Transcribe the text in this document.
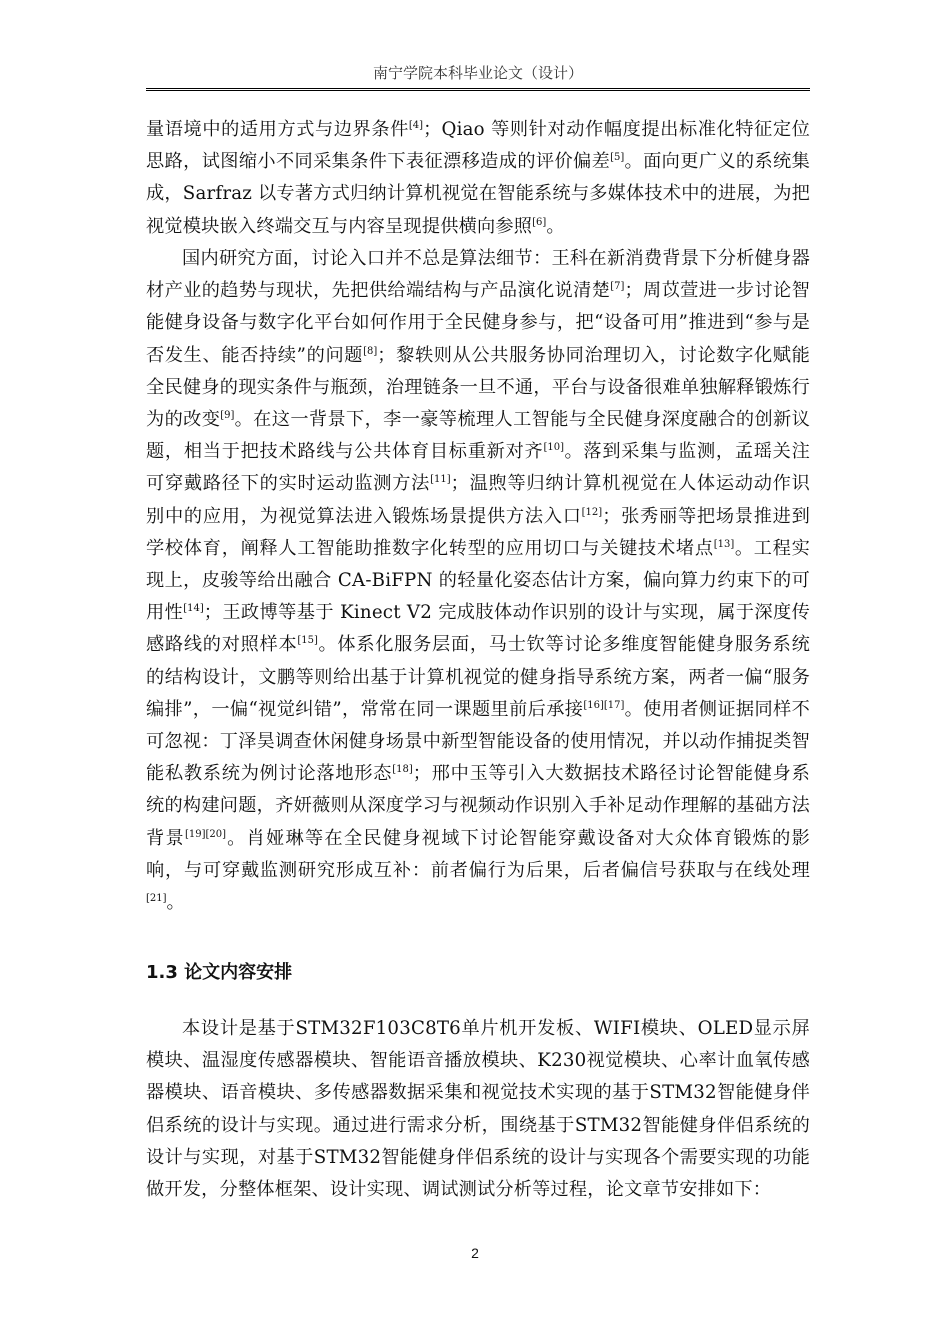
南宁学院本科毕业论文（设计）

量语境中的适用方式与边界条件[4]；Qiao 等则针对动作幅度提出标准化特征定位思路，试图缩小不同采集条件下表征漂移造成的评价偏差[5]。面向更广义的系统集成，Sarfraz 以专著方式归纳计算机视觉在智能系统与多媒体技术中的进展，为把视觉模块嵌入终端交互与内容呈现提供横向参照[6]。

国内研究方面，讨论入口并不总是算法细节：王科在新消费背景下分析健身器材产业的趋势与现状，先把供给端结构与产品演化说清楚[7]；周苡萱进一步讨论智能健身设备与数字化平台如何作用于全民健身参与，把“设备可用”推进到“参与是否发生、能否持续”的问题[8]；黎轶则从公共服务协同治理切入，讨论数字化赋能全民健身的现实条件与瓶颈，治理链条一旦不通，平台与设备很难单独解释锻炼行为的改变[9]。在这一背景下，李一豪等梳理人工智能与全民健身深度融合的创新议题，相当于把技术路线与公共体育目标重新对齐[10]。落到采集与监测，孟瑶关注可穿戴路径下的实时运动监测方法[11]；温煦等归纳计算机视觉在人体运动动作识别中的应用，为视觉算法进入锻炼场景提供方法入口[12]；张秀丽等把场景推进到学校体育，阐释人工智能助推数字化转型的应用切口与关键技术堵点[13]。工程实现上，皮骏等给出融合 CA-BiFPN 的轻量化姿态估计方案，偏向算力约束下的可用性[14]；王政博等基于 Kinect V2 完成肢体动作识别的设计与实现，属于深度传感路线的对照样本[15]。体系化服务层面，马士钦等讨论多维度智能健身服务系统的结构设计，文鹏等则给出基于计算机视觉的健身指导系统方案，两者一偏“服务编排”，一偏“视觉纠错”，常常在同一课题里前后承接[16][17]。使用者侧证据同样不可忽视：丁泽昊调查休闲健身场景中新型智能设备的使用情况，并以动作捕捉类智能私教系统为例讨论落地形态[18]；邢中玉等引入大数据技术路径讨论智能健身系统的构建问题，齐妍薇则从深度学习与视频动作识别入手补足动作理解的基础方法背景[19][20]。肖娅琳等在全民健身视域下讨论智能穿戴设备对大众体育锻炼的影响，与可穿戴监测研究形成互补：前者偏行为后果，后者偏信号获取与在线处理[21]。

1.3 论文内容安排

本设计是基于STM32F103C8T6单片机开发板、WIFI模块、OLED显示屏模块、温湿度传感器模块、智能语音播放模块、K230视觉模块、心率计血氧传感器模块、语音模块、多传感器数据采集和视觉技术实现的基于STM32智能健身伴侣系统的设计与实现。通过进行需求分析，围绕基于STM32智能健身伴侣系统的设计与实现，对基于STM32智能健身伴侣系统的设计与实现各个需要实现的功能做开发，分整体框架、设计实现、调试测试分析等过程，论文章节安排如下：

2
